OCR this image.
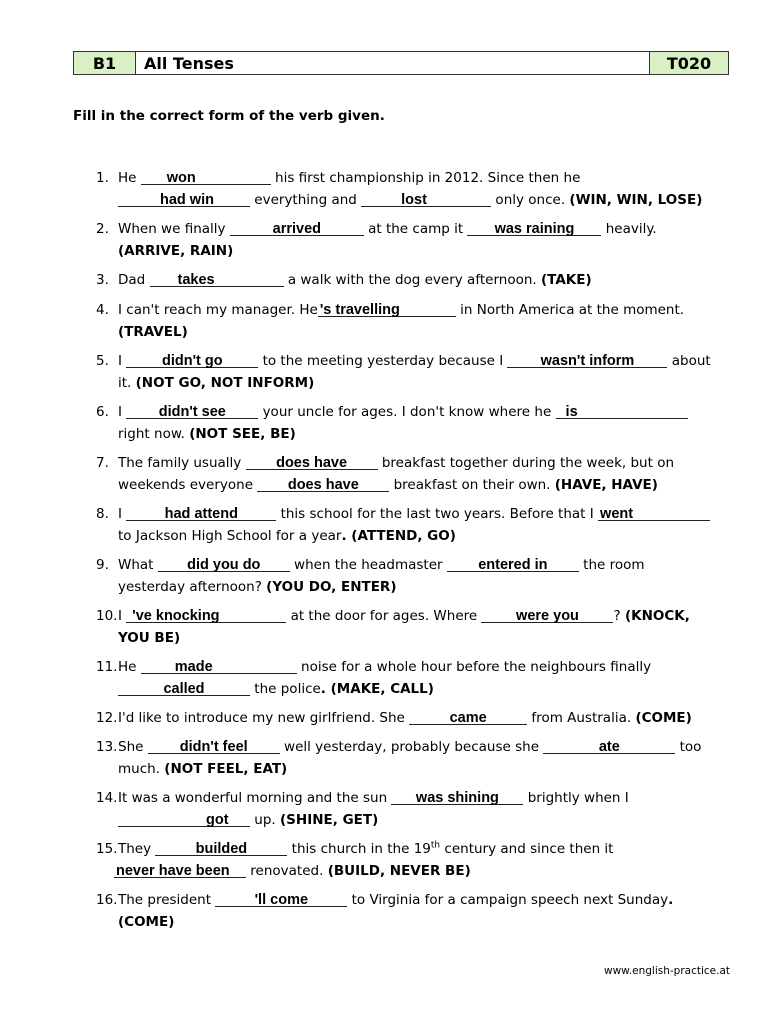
B1	All Tenses	T020
Fill in the correct form of the verb given.
1. He	won	his first championship in 2012. Since then he
had win	everything and	lost	only once. (WIN, WIN, LOSE)
2. When we finally	arrived	at the camp it	was raining	heavily.
(ARRIVE, RAIN)
3. Dad	takes	a walk with the dog every afternoon. (TAKE)
4. I can't reach my manager. He 's travelling	in North America at the moment.
(TRAVEL)
5. I	didn't go	to the meeting yesterday because I	wasn't inform	about
it. (NOT GO, NOT INFORM)
6. I	didn't see	your uncle for ages. I don't know where he is
right now. (NOT SEE, BE)
7. The family usually	does have	breakfast together during the week, but on
weekends everyone	does have	breakfast on their own. (HAVE, HAVE)
8. I	had attend	this school for the last two years. Before that I went
to Jackson High School for a year. (ATTEND, GO)
9. What	did you do	when the headmaster	entered in	the room
yesterday afternoon? (YOU DO, ENTER)
10. I 've knocking	at the door for ages. Where	were you	? (KNOCK,
YOU BE)
11. He	made	noise for a whole hour before the neighbours finally
called	the police. (MAKE, CALL)
12. I'd like to introduce my new girlfriend. She	came	from Australia. (COME)
13. She	didn't feel	well yesterday, probably because she	ate	too
much. (NOT FEEL, EAT)
14. It was a wonderful morning and the sun	was shining	brightly when I
got	up. (SHINE, GET)
15. They	builded	this church in the 19th century and since then it
never have been	renovated. (BUILD, NEVER BE)
16. The president	'll come	to Virginia for a campaign speech next Sunday.
(COME)
www.english-practice.at
